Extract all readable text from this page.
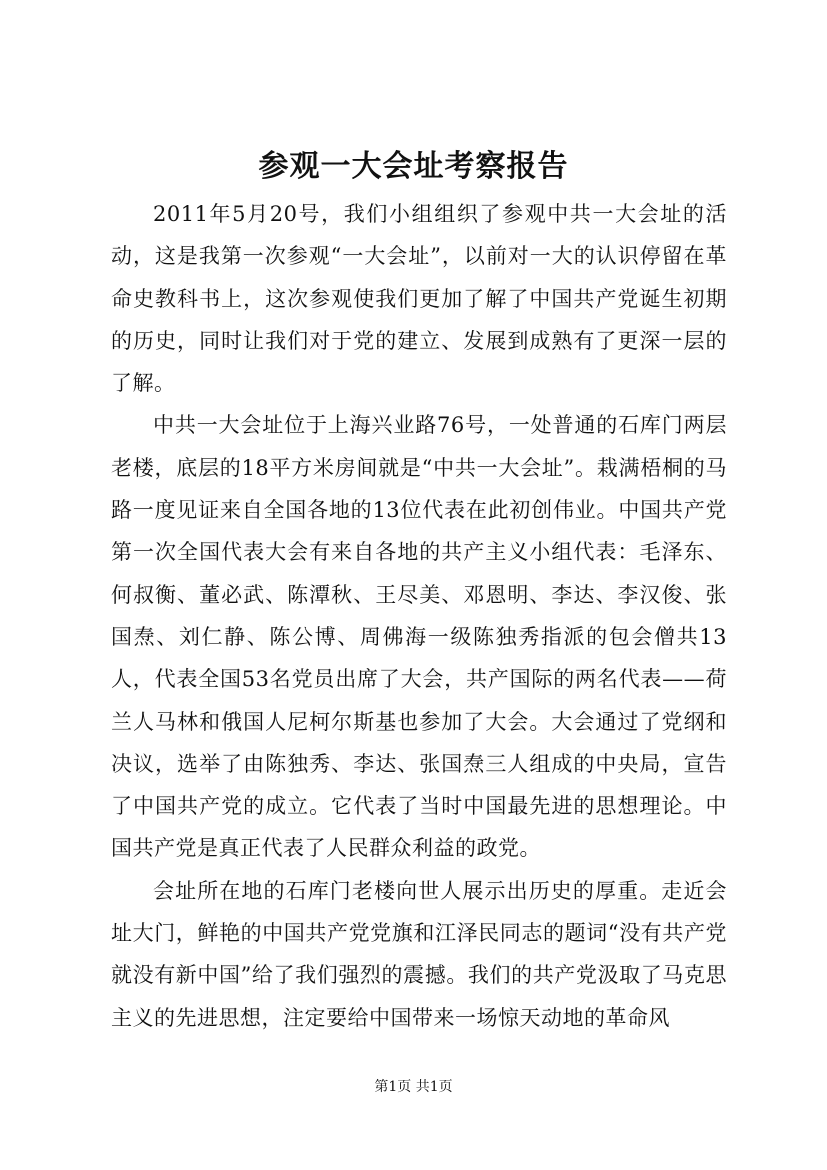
参观一大会址考察报告

2011年5月20号，我们小组组织了参观中共一大会址的活动，这是我第一次参观“一大会址”，以前对一大的认识停留在革命史教科书上，这次参观使我们更加了解了中国共产党诞生初期的历史，同时让我们对于党的建立、发展到成熟有了更深一层的了解。

中共一大会址位于上海兴业路76号，一处普通的石库门两层老楼，底层的18平方米房间就是“中共一大会址”。栽满梧桐的马路一度见证来自全国各地的13位代表在此初创伟业。中国共产党第一次全国代表大会有来自各地的共产主义小组代表：毛泽东、何叔衡、董必武、陈潭秋、王尽美、邓恩明、李达、李汉俊、张国焘、刘仁静、陈公博、周佛海一级陈独秀指派的包会僧共13人，代表全国53名党员出席了大会，共产国际的两名代表——荷兰人马林和俄国人尼柯尔斯基也参加了大会。大会通过了党纲和决议，选举了由陈独秀、李达、张国焘三人组成的中央局，宣告了中国共产党的成立。它代表了当时中国最先进的思想理论。中国共产党是真正代表了人民群众利益的政党。

会址所在地的石库门老楼向世人展示出历史的厚重。走近会址大门，鲜艳的中国共产党党旗和江泽民同志的题词“没有共产党就没有新中国”给了我们强烈的震撼。我们的共产党汲取了马克思主义的先进思想，注定要给中国带来一场惊天动地的革命风

第1页 共1页
